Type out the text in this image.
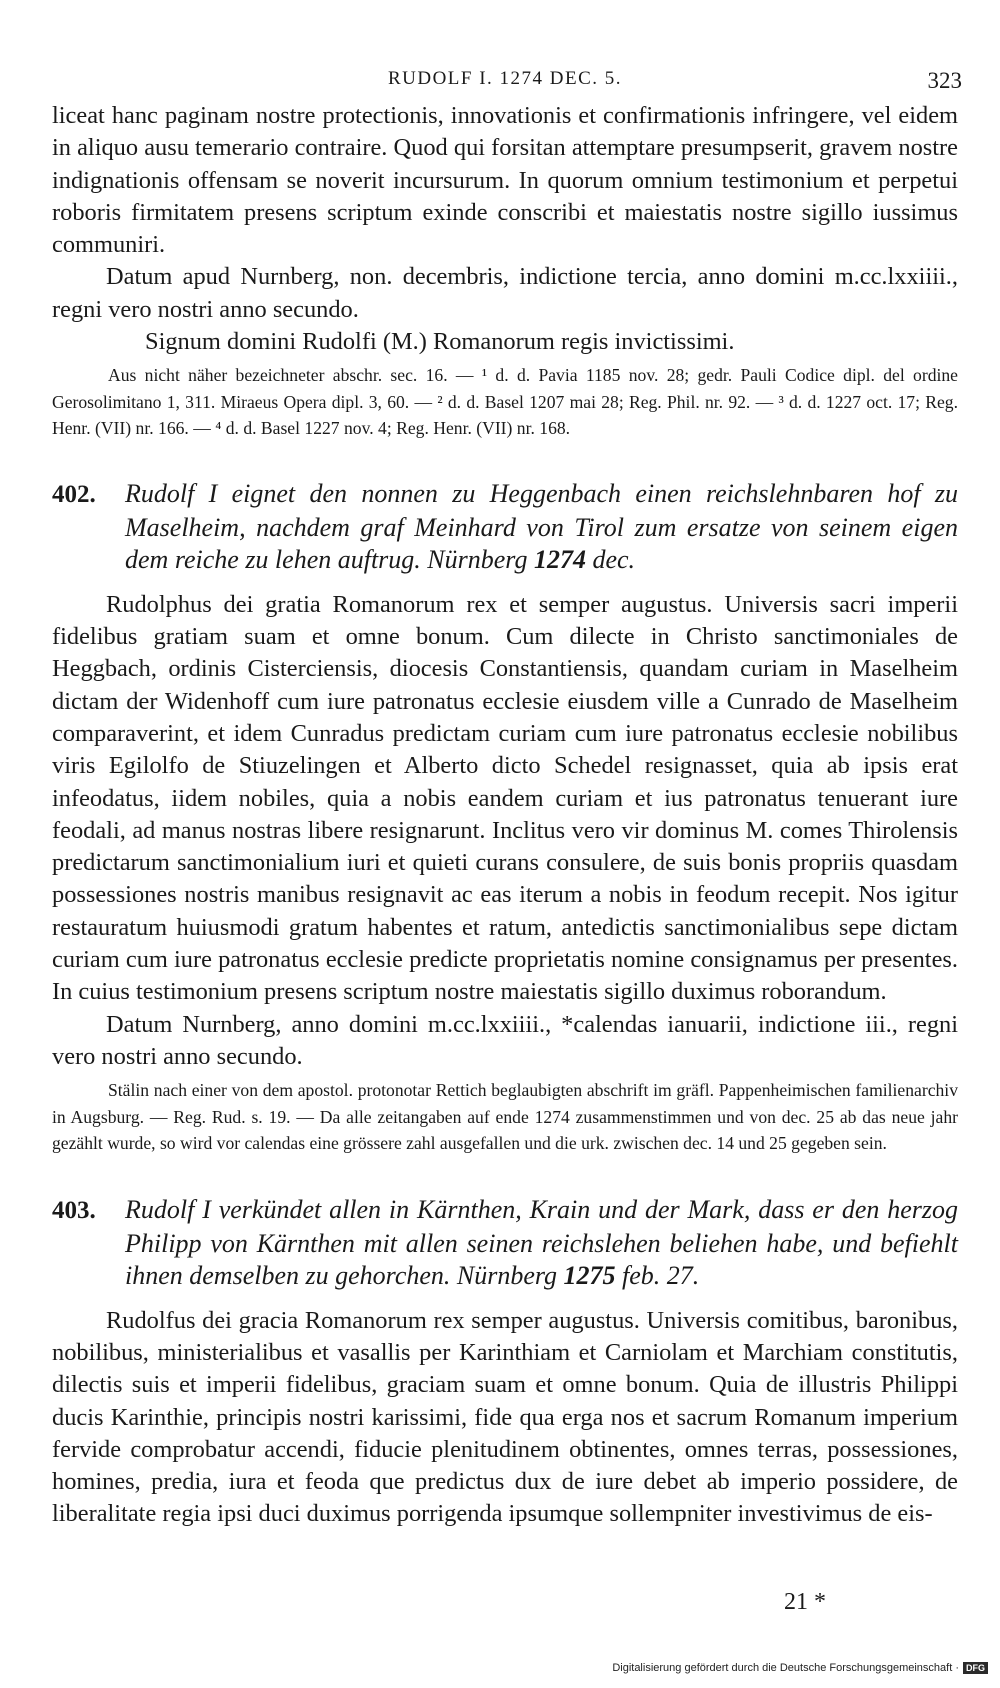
RUDOLF I. 1274 DEC. 5.	323

liceat hanc paginam nostre protectionis, innovationis et confirmationis infringere, vel eidem in aliquo ausu temerario contraire. Quod qui forsitan attemptare presumpserit, gravem nostre indignationis offensam se noverit incursurum. In quorum omnium testimonium et perpetui roboris firmitatem presens scriptum exinde conscribi et maiestatis nostre sigillo iussimus communiri.

Datum apud Nurnberg, non. decembris, indictione tercia, anno domini m.cc.lxxiiii., regni vero nostri anno secundo.

Signum domini Rudolfi (M.) Romanorum regis invictissimi.

Aus nicht näher bezeichneter abschr. sec. 16. — ¹ d. d. Pavia 1185 nov. 28; gedr. Pauli Codice dipl. del ordine Gerosolimitano 1, 311. Miraeus Opera dipl. 3, 60. — ² d. d. Basel 1207 mai 28; Reg. Phil. nr. 92. — ³ d. d. 1227 oct. 17; Reg. Henr. (VII) nr. 166. — ⁴ d. d. Basel 1227 nov. 4; Reg. Henr. (VII) nr. 168.

402. Rudolf I eignet den nonnen zu Heggenbach einen reichslehnbaren hof zu Maselheim, nachdem graf Meinhard von Tirol zum ersatze von seinem eigen dem reiche zu lehen auftrug. Nürnberg 1274 dec.

Rudolphus dei gratia Romanorum rex et semper augustus. Universis sacri imperii fidelibus gratiam suam et omne bonum. Cum dilecte in Christo sanctimoniales de Heggbach, ordinis Cisterciensis, diocesis Constantiensis, quandam curiam in Maselheim dictam der Widenhoff cum iure patronatus ecclesie eiusdem ville a Cunrado de Maselheim comparaverint, et idem Cunradus predictam curiam cum iure patronatus ecclesie nobilibus viris Egilolfo de Stiuzelingen et Alberto dicto Schedel resignasset, quia ab ipsis erat infeodatus, iidem nobiles, quia a nobis eandem curiam et ius patronatus tenuerant iure feodali, ad manus nostras libere resignarunt. Inclitus vero vir dominus M. comes Thirolensis predictarum sanctimonialium iuri et quieti curans consulere, de suis bonis propriis quasdam possessiones nostris manibus resignavit ac eas iterum a nobis in feodum recepit. Nos igitur restauratum huiusmodi gratum habentes et ratum, antedictis sanctimonialibus sepe dictam curiam cum iure patronatus ecclesie predicte proprietatis nomine consignamus per presentes. In cuius testimonium presens scriptum nostre maiestatis sigillo duximus roborandum.

Datum Nurnberg, anno domini m.cc.lxxiiii., *calendas ianuarii, indictione iii., regni vero nostri anno secundo.

Stälin nach einer von dem apostol. protonotar Rettich beglaubigten abschrift im gräfl. Pappenheimischen familienarchiv in Augsburg. — Reg. Rud. s. 19. — Da alle zeitangaben auf ende 1274 zusammenstimmen und von dec. 25 ab das neue jahr gezählt wurde, so wird vor calendas eine grössere zahl ausgefallen und die urk. zwischen dec. 14 und 25 gegeben sein.

403. Rudolf I verkündet allen in Kärnthen, Krain und der Mark, dass er den herzog Philipp von Kärnthen mit allen seinen reichslehen beliehen habe, und befiehlt ihnen demselben zu gehorchen. Nürnberg 1275 feb. 27.

Rudolfus dei gracia Romanorum rex semper augustus. Universis comitibus, baronibus, nobilibus, ministerialibus et vasallis per Karinthiam et Carniolam et Marchiam constitutis, dilectis suis et imperii fidelibus, graciam suam et omne bonum. Quia de illustris Philippi ducis Karinthie, principis nostri karissimi, fide qua erga nos et sacrum Romanum imperium fervide comprobatur accendi, fiducie plenitudinem obtinentes, omnes terras, possessiones, homines, predia, iura et feoda que predictus dux de iure debet ab imperio possidere, de liberalitate regia ipsi duci duximus porrigenda ipsumque sollempniter investivimus de eis-

21 *
Digitalisierung gefördert durch die Deutsche Forschungsgemeinschaft · DFG
